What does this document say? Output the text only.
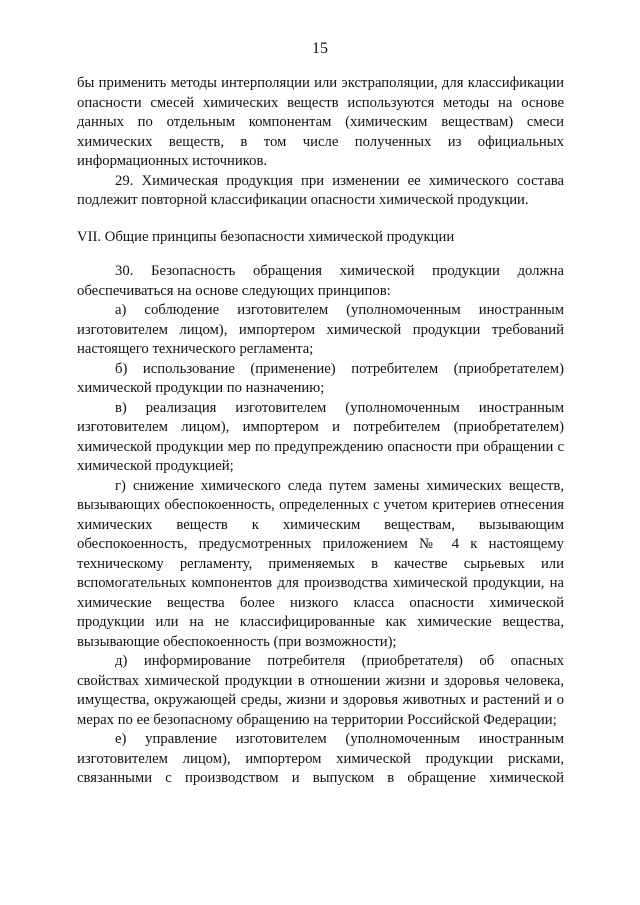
15

бы применить методы интерполяции или экстраполяции, для классификации опасности смесей химических веществ используются методы на основе данных по отдельным компонентам (химическим веществам) смеси химических веществ, в том числе полученных из официальных информационных источников.

29. Химическая продукция при изменении ее химического состава подлежит повторной классификации опасности химической продукции.

VII. Общие принципы безопасности химической продукции

30. Безопасность обращения химической продукции должна обеспечиваться на основе следующих принципов:

а) соблюдение изготовителем (уполномоченным иностранным изготовителем лицом), импортером химической продукции требований настоящего технического регламента;

б) использование (применение) потребителем (приобретателем) химической продукции по назначению;

в) реализация изготовителем (уполномоченным иностранным изготовителем лицом), импортером и потребителем (приобретателем) химической продукции мер по предупреждению опасности при обращении с химической продукцией;

г) снижение химического следа путем замены химических веществ, вызывающих обеспокоенность, определенных с учетом критериев отнесения химических веществ к химическим веществам, вызывающим обеспокоенность, предусмотренных приложением № 4 к настоящему техническому регламенту, применяемых в качестве сырьевых или вспомогательных компонентов для производства химической продукции, на химические вещества более низкого класса опасности химической продукции или на не классифицированные как химические вещества, вызывающие обеспокоенность (при возможности);

д) информирование потребителя (приобретателя) об опасных свойствах химической продукции в отношении жизни и здоровья человека, имущества, окружающей среды, жизни и здоровья животных и растений и о мерах по ее безопасному обращению на территории Российской Федерации;

е) управление изготовителем (уполномоченным иностранным изготовителем лицом), импортером химической продукции рисками, связанными с производством и выпуском в обращение химической
